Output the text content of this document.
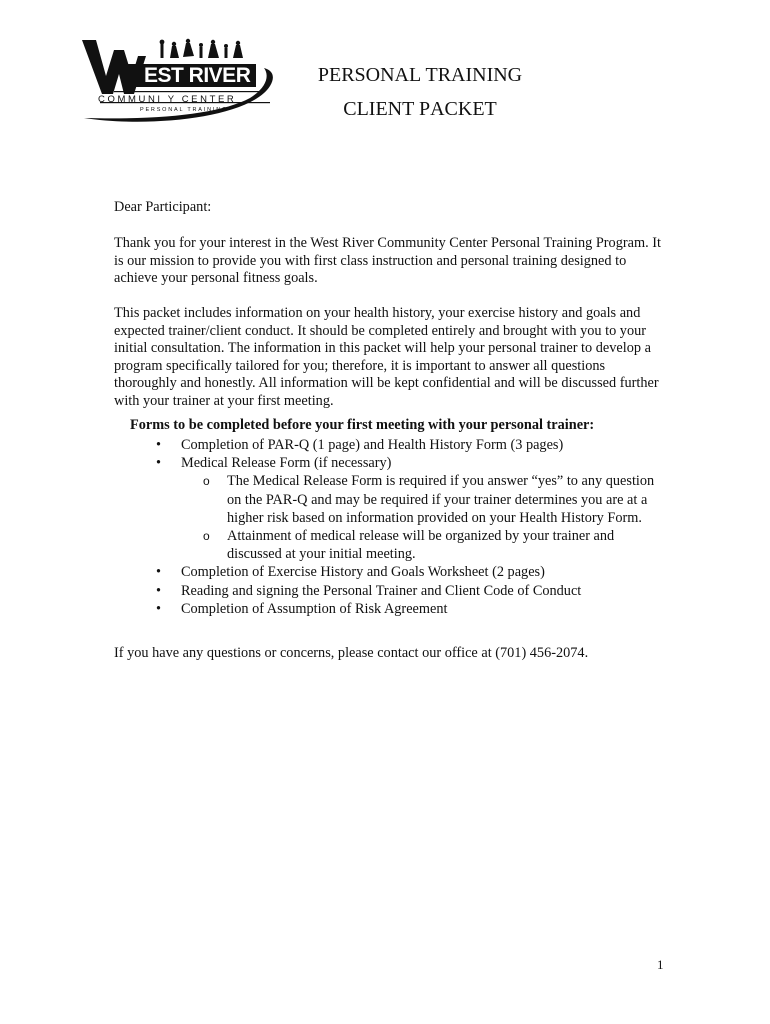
EST RIVER
COMMUNI Y CENTER
PERSONAL TRAINING
PERSONAL TRAINING
CLIENT PACKET
Dear Participant:
Thank you for your interest in the West River Community Center Personal Training Program. It is our mission to provide you with first class instruction and personal training designed to achieve your personal fitness goals.
This packet includes information on your health history, your exercise history and goals and expected trainer/client conduct. It should be completed entirely and brought with you to your initial consultation. The information in this packet will help your personal trainer to develop a program specifically tailored for you; therefore, it is important to answer all questions thoroughly and honestly. All information will be kept confidential and will be discussed further with your trainer at your first meeting.
Forms to be completed before your first meeting with your personal trainer:
• Completion of PAR-Q (1 page) and Health History Form (3 pages)
• Medical Release Form (if necessary)
o The Medical Release Form is required if you answer “yes” to any question on the PAR-Q and may be required if your trainer determines you are at a higher risk based on information provided on your Health History Form.
o Attainment of medical release will be organized by your trainer and discussed at your initial meeting.
• Completion of Exercise History and Goals Worksheet (2 pages)
• Reading and signing the Personal Trainer and Client Code of Conduct
• Completion of Assumption of Risk Agreement
If you have any questions or concerns, please contact our office at (701) 456-2074.
1
